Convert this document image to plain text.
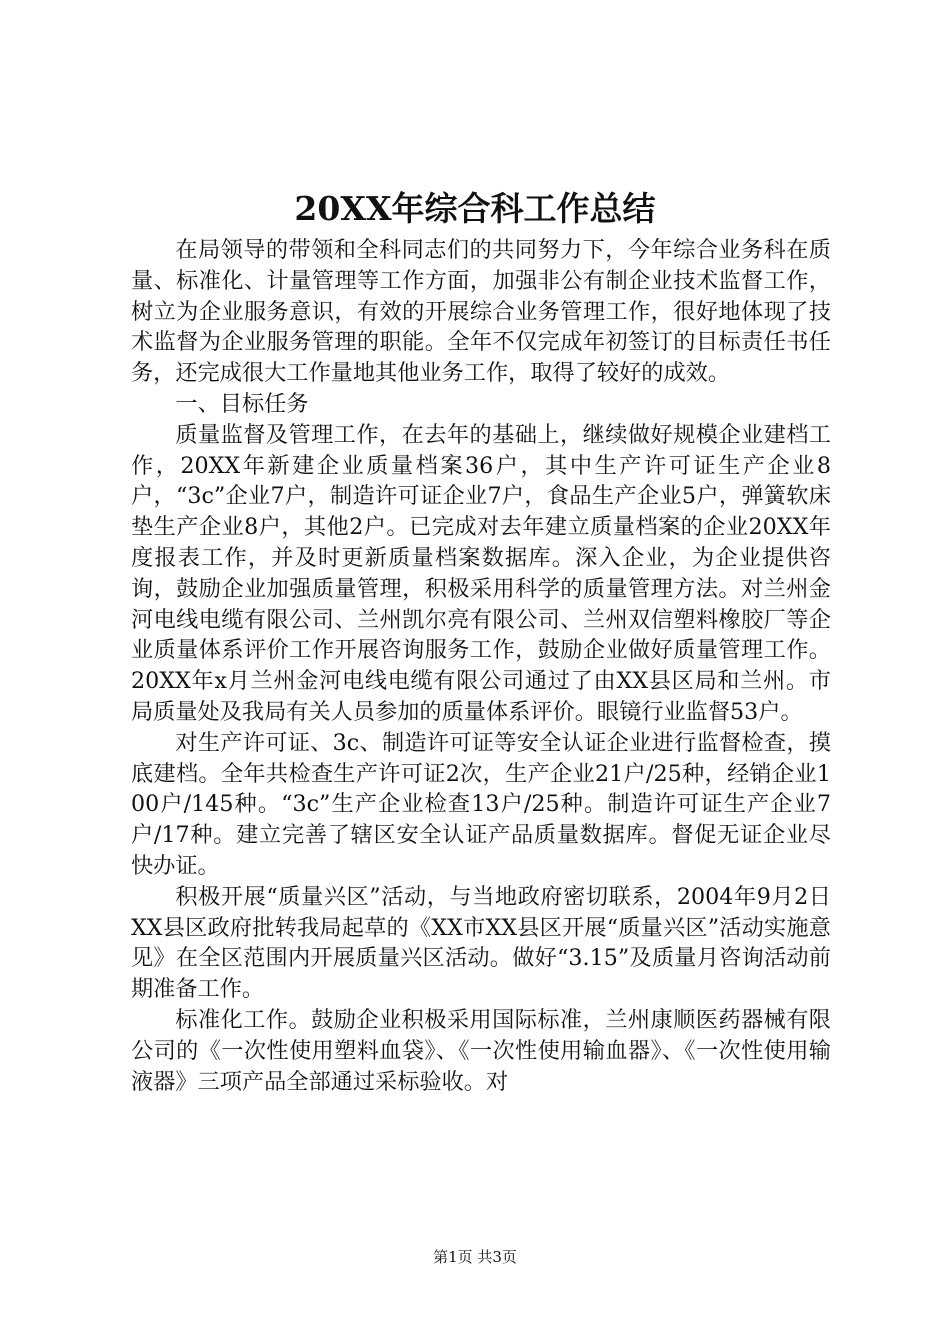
20XX年综合科工作总结

在局领导的带领和全科同志们的共同努力下，今年综合业务科在质量、标准化、计量管理等工作方面，加强非公有制企业技术监督工作，树立为企业服务意识，有效的开展综合业务管理工作，很好地体现了技术监督为企业服务管理的职能。全年不仅完成年初签订的目标责任书任务，还完成很大工作量地其他业务工作，取得了较好的成效。

一、目标任务

质量监督及管理工作，在去年的基础上，继续做好规模企业建档工作，20XX年新建企业质量档案36户，其中生产许可证生产企业8户，“3c”企业7户，制造许可证企业7户，食品生产企业5户，弹簧软床垫生产企业8户，其他2户。已完成对去年建立质量档案的企业20XX年度报表工作，并及时更新质量档案数据库。深入企业，为企业提供咨询，鼓励企业加强质量管理，积极采用科学的质量管理方法。对兰州金河电线电缆有限公司、兰州凯尔亮有限公司、兰州双信塑料橡胶厂等企业质量体系评价工作开展咨询服务工作，鼓励企业做好质量管理工作。20XX年x月兰州金河电线电缆有限公司通过了由XX县区局和兰州。市局质量处及我局有关人员参加的质量体系评价。眼镜行业监督53户。

对生产许可证、3c、制造许可证等安全认证企业进行监督检查，摸底建档。全年共检查生产许可证2次，生产企业21户/25种，经销企业100户/145种。“3c”生产企业检查13户/25种。制造许可证生产企业7户/17种。建立完善了辖区安全认证产品质量数据库。督促无证企业尽快办证。

积极开展“质量兴区”活动，与当地政府密切联系，2004年9月2日XX县区政府批转我局起草的《XX市XX县区开展“质量兴区”活动实施意见》在全区范围内开展质量兴区活动。做好“3.15”及质量月咨询活动前期准备工作。

标准化工作。鼓励企业积极采用国际标准，兰州康顺医药器械有限公司的《一次性使用塑料血袋》、《一次性使用输血器》、《一次性使用输液器》三项产品全部通过采标验收。对

第1页 共3页
